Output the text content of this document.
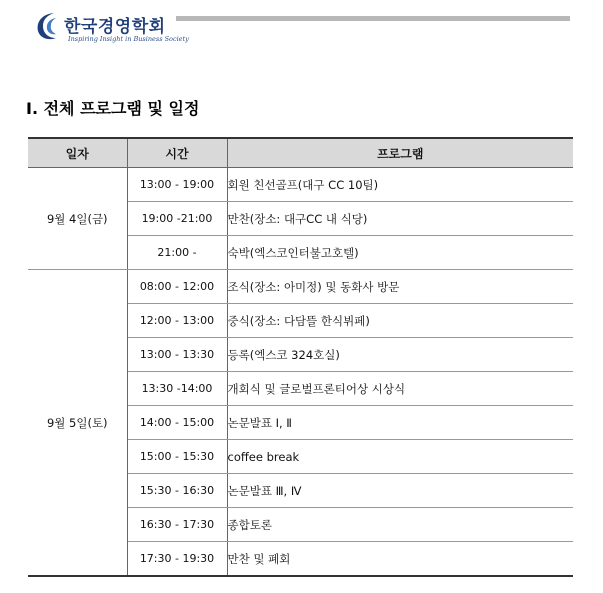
한국경영학회
Inspiring Insight in Business Society
Ⅰ. 전체 프로그램 및 일정
일자	시간	프로그램
9월 4일(금)	13:00 - 19:00	회원 친선골프(대구 CC 10팀)
	19:00 -21:00	만찬(장소: 대구CC 내 식당)
	21:00 -	숙박(엑스코인터불고호텔)
9월 5일(토)	08:00 - 12:00	조식(장소: 아미정) 및 동화사 방문
	12:00 - 13:00	중식(장소: 다담뜰 한식뷔페)
	13:00 - 13:30	등록(엑스코 324호실)
	13:30 -14:00	개회식 및 글로벌프론티어상 시상식
	14:00 - 15:00	논문발표 Ⅰ, Ⅱ
	15:00 - 15:30	coffee break
	15:30 - 16:30	논문발표 Ⅲ, Ⅳ
	16:30 - 17:30	종합토론
	17:30 - 19:30	만찬 및 폐회
